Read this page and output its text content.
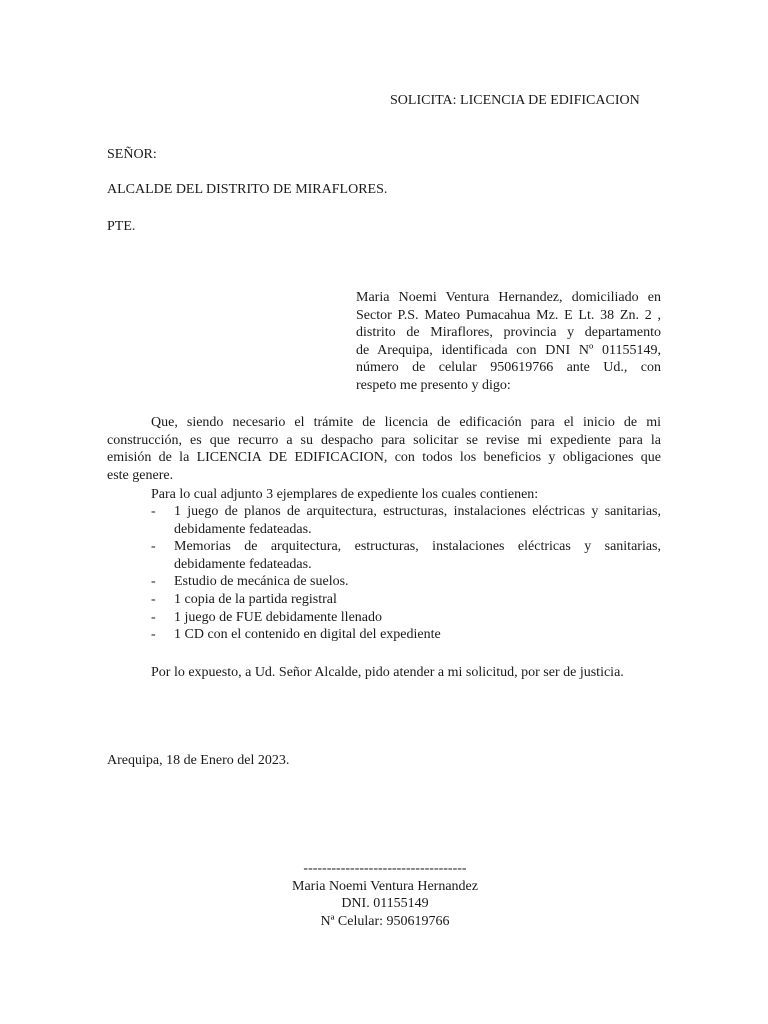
SOLICITA: LICENCIA DE EDIFICACION
SEÑOR:
ALCALDE DEL DISTRITO DE MIRAFLORES.
PTE.
Maria Noemi Ventura Hernandez, domiciliado en
Sector P.S. Mateo Pumacahua Mz. E Lt. 38 Zn. 2 ,
distrito de Miraflores, provincia y departamento
de Arequipa, identificada con DNI Nº 01155149,
número de celular 950619766 ante Ud., con
respeto me presento y digo:
Que, siendo necesario el trámite de licencia de edificación para el inicio de mi
construcción, es que recurro a su despacho para solicitar se revise mi expediente para la
emisión de la LICENCIA DE EDIFICACION, con todos los beneficios y obligaciones que
este genere.
Para lo cual adjunto 3 ejemplares de expediente los cuales contienen:
- 1 juego de planos de arquitectura, estructuras, instalaciones eléctricas y sanitarias, debidamente fedateadas.
- Memorias de arquitectura, estructuras, instalaciones eléctricas y sanitarias, debidamente fedateadas.
- Estudio de mecánica de suelos.
- 1 copia de la partida registral
- 1 juego de FUE debidamente llenado
- 1 CD con el contenido en digital del expediente
Por lo expuesto, a Ud. Señor Alcalde, pido atender a mi solicitud, por ser de justicia.
Arequipa, 18 de Enero del 2023.
-----------------------------------
Maria Noemi Ventura Hernandez
DNI. 01155149
Nª Celular: 950619766
